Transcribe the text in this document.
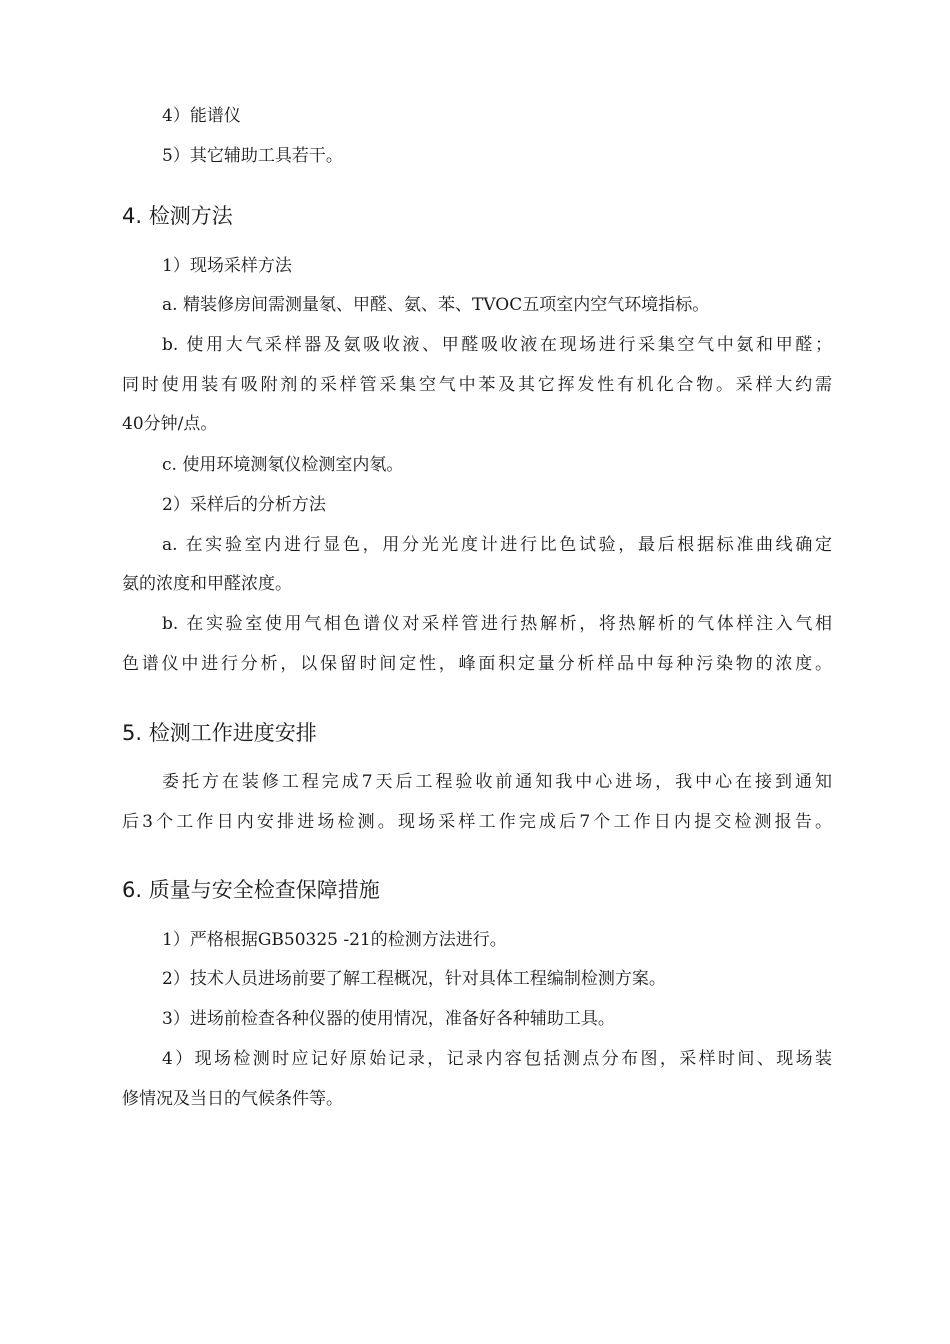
4）能谱仪
5）其它辅助工具若干。
4. 检测方法
1）现场采样方法
a. 精装修房间需测量氡、甲醛、氨、苯、TVOC五项室内空气环境指标。
b. 使用大气采样器及氨吸收液、甲醛吸收液在现场进行采集空气中氨和甲醛；
同时使用装有吸附剂的采样管采集空气中苯及其它挥发性有机化合物。采样大约需
40分钟/点。
c. 使用环境测氡仪检测室内氡。
2）采样后的分析方法
a. 在实验室内进行显色，用分光光度计进行比色试验，最后根据标准曲线确定
氨的浓度和甲醛浓度。
b. 在实验室使用气相色谱仪对采样管进行热解析，将热解析的气体样注入气相
色谱仪中进行分析，以保留时间定性，峰面积定量分析样品中每种污染物的浓度。
5. 检测工作进度安排
委托方在装修工程完成7天后工程验收前通知我中心进场，我中心在接到通知
后3个工作日内安排进场检测。现场采样工作完成后7个工作日内提交检测报告。
6. 质量与安全检查保障措施
1）严格根据GB50325 -21的检测方法进行。
2）技术人员进场前要了解工程概况，针对具体工程编制检测方案。
3）进场前检查各种仪器的使用情况，准备好各种辅助工具。
4）现场检测时应记好原始记录，记录内容包括测点分布图，采样时间、现场装
修情况及当日的气候条件等。
